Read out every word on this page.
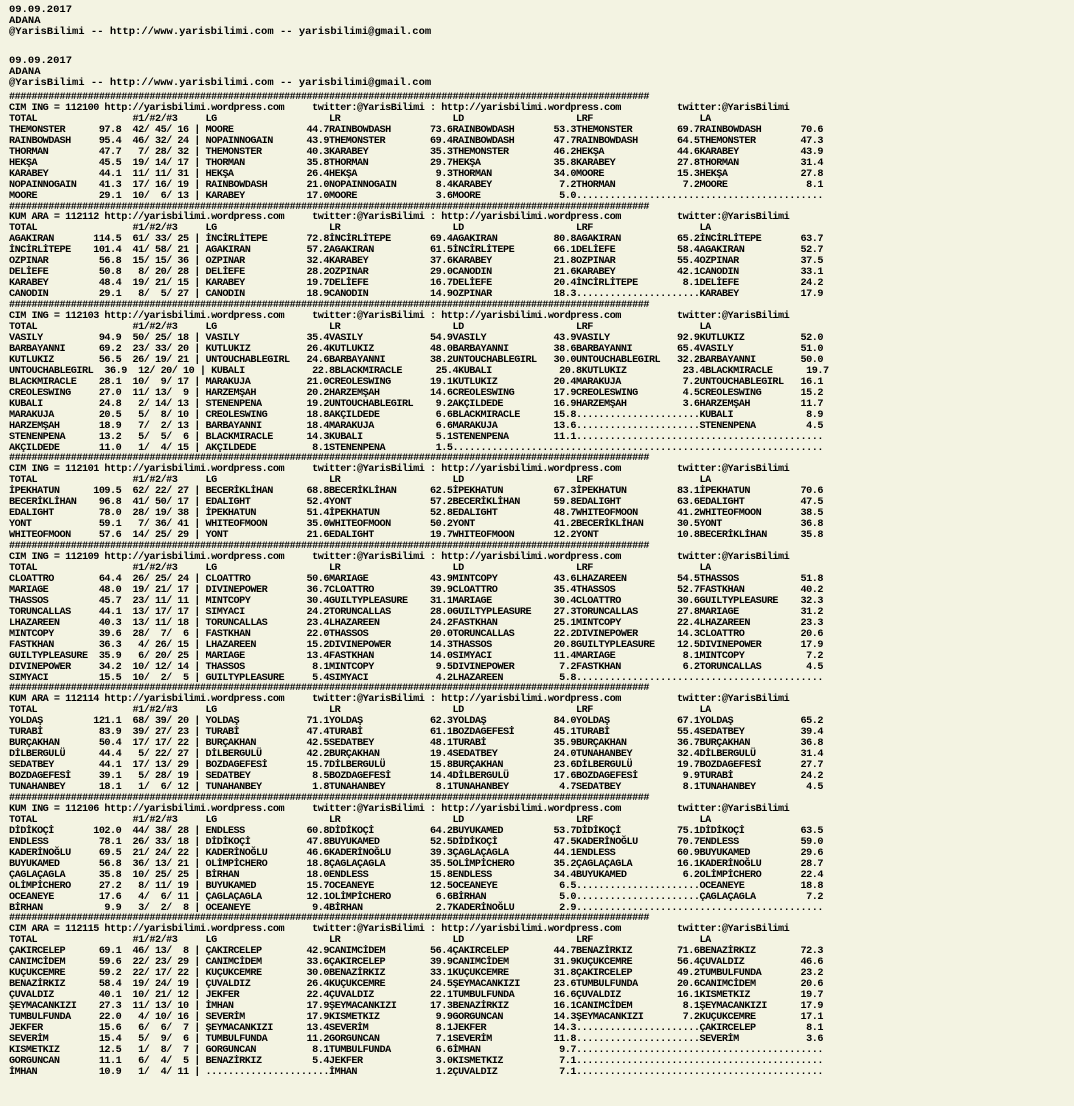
09.09.2017
ADANA
@YarisBilimi -- http://www.yarisbilimi.com -- yarisbilimi@gmail.com
09.09.2017
ADANA
@YarisBilimi -- http://www.yarisbilimi.com -- yarisbilimi@gmail.com
##################################################################################################################
CIM ING = 112100 http://yarisbilimi.wordpress.com     twitter:@YarisBilimi : http://yarisbilimi.wordpress.com          twitter:@YarisBilimi
TOTAL                 #1/#2/#3     LG                    LR                    LD                    LRF                   LA
THEMONSTER      97.8  42/ 45/ 16 | MOORE             44.7RAINBOWDASH       73.6RAINBOWDASH       53.3THEMONSTER        69.7RAINBOWDASH       70.6
RAINBOWDASH     95.4  46/ 32/ 24 | NOPAINNOGAIN      43.9THEMONSTER        69.4RAINBOWDASH       47.7RAINBOWDASH       64.5THEMONSTER        47.3
THORMAN         47.7   7/ 28/ 32 | THEMONSTER        40.3KARABEY           35.3THEMONSTER        46.2HEKŞA             44.6KARABEY           43.9
HEKŞA           45.5  19/ 14/ 17 | THORMAN           35.8THORMAN           29.7HEKŞA             35.8KARABEY           27.8THORMAN           31.4
KARABEY         44.1  11/ 11/ 31 | HEKŞA             26.4HEKŞA              9.3THORMAN           34.0MOORE             15.3HEKŞA             27.8
NOPAINNOGAIN    41.3  17/ 16/ 19 | RAINBOWDASH       21.0NOPAINNOGAIN       8.4KARABEY            7.2THORMAN            7.2MOORE              8.1
MOORE           29.1  10/  6/ 13 | KARABEY           17.0MOORE              3.6MOORE              5.0............................................
##################################################################################################################
KUM ARA = 112112 http://yarisbilimi.wordpress.com     twitter:@YarisBilimi : http://yarisbilimi.wordpress.com          twitter:@YarisBilimi
TOTAL                 #1/#2/#3     LG                    LR                    LD                    LRF                   LA
AGAKIRAN       114.5  61/ 33/ 25 | İNCİRLİTEPE       72.8İNCİRLİTEPE       69.4AGAKIRAN          80.8AGAKIRAN          65.2İNCİRLİTEPE       63.7
İNCİRLİTEPE    101.4  41/ 58/ 21 | AGAKIRAN          57.2AGAKIRAN          61.5İNCİRLİTEPE       66.1DELİEFE           58.4AGAKIRAN          52.7
OZPINAR         56.8  15/ 15/ 36 | OZPINAR           32.4KARABEY           37.6KARABEY           21.8OZPINAR           55.4OZPINAR           37.5
DELİEFE         50.8   8/ 20/ 28 | DELİEFE           28.2OZPINAR           29.0CANODIN           21.6KARABEY           42.1CANODIN           33.1
KARABEY         48.4  19/ 21/ 15 | KARABEY           19.7DELİEFE           16.7DELİEFE           20.4İNCİRLİTEPE        8.1DELİEFE           24.2
CANODIN         29.1   8/  5/ 27 | CANODIN           18.9CANODIN           14.9OZPINAR           18.3......................KARABEY           17.9
##################################################################################################################
CIM ING = 112103 http://yarisbilimi.wordpress.com     twitter:@YarisBilimi : http://yarisbilimi.wordpress.com          twitter:@YarisBilimi
TOTAL                 #1/#2/#3     LG                    LR                    LD                    LRF                   LA
VASILY          94.9  50/ 25/ 18 | VASILY            35.4VASILY            54.9VASILY            43.9VASILY            92.9KUTLUKIZ          52.0
BARBAYANNI      69.2  23/ 33/ 20 | KUTLUKIZ          26.4KUTLUKIZ          48.0BARBAYANNI        38.6BARBAYANNI        65.4VASILY            51.0
KUTLUKIZ        56.5  26/ 19/ 21 | UNTOUCHABLEGIRL   24.6BARBAYANNI        38.2UNTOUCHABLEGIRL   30.0UNTOUCHABLEGIRL   32.2BARBAYANNI        50.0
UNTOUCHABLEGIRL  36.9  12/ 20/ 10 | KUBALI            22.8BLACKMIRACLE      25.4KUBALI            20.8KUTLUKIZ          23.4BLACKMIRACLE      19.7
BLACKMIRACLE    28.1  10/  9/ 17 | MARAKUJA          21.0CREOLESWING       19.1KUTLUKIZ          20.4MARAKUJA           7.2UNTOUCHABLEGIRL   16.1
CREOLESWING     27.0  11/ 13/  9 | HARZEMŞAH         20.2HARZEMŞAH         14.6CREOLESWING       17.9CREOLESWING        4.5CREOLESWING       15.2
KUBALI          24.8   2/ 14/ 13 | STENENPENA        19.2UNTOUCHABLEGIRL    9.2AKÇILDEDE         16.9HARZEMŞAH          3.6HARZEMŞAH         11.7
MARAKUJA        20.5   5/  8/ 10 | CREOLESWING       18.8AKÇILDEDE          6.6BLACKMIRACLE      15.8......................KUBALI             8.9
HARZEMŞAH       18.9   7/  2/ 13 | BARBAYANNI        18.4MARAKUJA           6.6MARAKUJA          13.6......................STENENPENA         4.5
STENENPENA      13.2   5/  5/  6 | BLACKMIRACLE      14.3KUBALI             5.1STENENPENA        11.1............................................
AKÇILDEDE       11.0   1/  4/ 15 | AKÇILDEDE          8.1STENENPENA         1.5..................................................................
##################################################################################################################
CIM ING = 112101 http://yarisbilimi.wordpress.com     twitter:@YarisBilimi : http://yarisbilimi.wordpress.com          twitter:@YarisBilimi
TOTAL                 #1/#2/#3     LG                    LR                    LD                    LRF                   LA
İPEKHATUN      109.5  62/ 22/ 27 | BECERİKLİHAN      68.8BECERİKLİHAN      62.5İPEKHATUN         67.3İPEKHATUN         83.1İPEKHATUN         70.6
BECERİKLİHAN    96.8  41/ 50/ 17 | EDALIGHT          52.4YONT              57.2BECERİKLİHAN      59.8EDALIGHT          63.6EDALIGHT          47.5
EDALIGHT        78.0  28/ 19/ 38 | İPEKHATUN         51.4İPEKHATUN         52.8EDALIGHT          48.7WHITEOFMOON       41.2WHITEOFMOON       38.5
YONT            59.1   7/ 36/ 41 | WHITEOFMOON       35.0WHITEOFMOON       50.2YONT              41.2BECERİKLİHAN      30.5YONT              36.8
WHITEOFMOON     57.6  14/ 25/ 29 | YONT              21.6EDALIGHT          19.7WHITEOFMOON       12.2YONT              10.8BECERİKLİHAN      35.8
##################################################################################################################
CIM ING = 112109 http://yarisbilimi.wordpress.com     twitter:@YarisBilimi : http://yarisbilimi.wordpress.com          twitter:@YarisBilimi
TOTAL                 #1/#2/#3     LG                    LR                    LD                    LRF                   LA
CLOATTRO        64.4  26/ 25/ 24 | CLOATTRO          50.6MARIAGE           43.9MINTCOPY          43.6LHAZAREEN         54.5THASSOS           51.8
MARIAGE         48.0  19/ 21/ 17 | DIVINEPOWER       36.7CLOATTRO          39.9CLOATTRO          35.4THASSOS           52.7FASTKHAN          40.2
THASSOS         45.7  23/ 11/ 11 | MINTCOPY          30.4GUILTYPLEASURE    31.1MARIAGE           30.4CLOATTRO          30.6GUILTYPLEASURE    32.3
TORUNCALLAS     44.1  13/ 17/ 17 | SIMYACI           24.2TORUNCALLAS       28.0GUILTYPLEASURE    27.3TORUNCALLAS       27.8MARIAGE           31.2
LHAZAREEN       40.3  13/ 11/ 18 | TORUNCALLAS       23.4LHAZAREEN         24.2FASTKHAN          25.1MINTCOPY          22.4LHAZAREEN         23.3
MINTCOPY        39.6  28/  7/  6 | FASTKHAN          22.0THASSOS           20.0TORUNCALLAS       22.2DIVINEPOWER       14.3CLOATTRO          20.6
FASTKHAN        36.3   4/ 26/ 15 | LHAZAREEN         15.2DIVINEPOWER       14.3THASSOS           20.8GUILTYPLEASURE    12.5DIVINEPOWER       17.9
GUILTYPLEASURE  35.9   6/ 20/ 25 | MARIAGE           13.4FASTKHAN          14.0SIMYACI           11.4MARIAGE            8.1MINTCOPY           7.2
DIVINEPOWER     34.2  10/ 12/ 14 | THASSOS            8.1MINTCOPY           9.5DIVINEPOWER        7.2FASTKHAN           6.2TORUNCALLAS        4.5
SIMYACI         15.5  10/  2/  5 | GUILTYPLEASURE     5.4SIMYACI            4.2LHAZAREEN          5.8............................................
##################################################################################################################
KUM ARA = 112114 http://yarisbilimi.wordpress.com     twitter:@YarisBilimi : http://yarisbilimi.wordpress.com          twitter:@YarisBilimi
TOTAL                 #1/#2/#3     LG                    LR                    LD                    LRF                   LA
YOLDAŞ         121.1  68/ 39/ 20 | YOLDAŞ            71.1YOLDAŞ            62.3YOLDAŞ            84.0YOLDAŞ            67.1YOLDAŞ            65.2
TURABİ          83.9  39/ 27/ 23 | TURABİ            47.4TURABİ            61.1BOZDAGEFESİ       45.1TURABİ            55.4SEDATBEY          39.4
BURÇAKHAN       50.4  17/ 17/ 22 | BURÇAKHAN         42.5SEDATBEY          48.1TURABİ            35.9BURÇAKHAN         36.7BURÇAKHAN         36.8
DİLBERGULÜ      44.4   5/ 22/ 27 | DİLBERGULÜ        42.2BURÇAKHAN         19.4SEDATBEY          24.0TUNAHANBEY        32.4DİLBERGULÜ        31.4
SEDATBEY        44.1  17/ 13/ 29 | BOZDAGEFESİ       15.7DİLBERGULÜ        15.8BURÇAKHAN         23.6DİLBERGULÜ        19.7BOZDAGEFESİ       27.7
BOZDAGEFESİ     39.1   5/ 28/ 19 | SEDATBEY           8.5BOZDAGEFESİ       14.4DİLBERGULÜ        17.6BOZDAGEFESİ        9.9TURABİ            24.2
TUNAHANBEY      18.1   1/  6/ 12 | TUNAHANBEY         1.8TUNAHANBEY         8.1TUNAHANBEY         4.7SEDATBEY           8.1TUNAHANBEY         4.5
##################################################################################################################
KUM ING = 112106 http://yarisbilimi.wordpress.com     twitter:@YarisBilimi : http://yarisbilimi.wordpress.com          twitter:@YarisBilimi
TOTAL                 #1/#2/#3     LG                    LR                    LD                    LRF                   LA
DİDİKOÇİ       102.0  44/ 38/ 28 | ENDLESS           60.8DİDİKOÇİ          64.2BUYUKAMED         53.7DİDİKOÇİ          75.1DİDİKOÇİ          63.5
ENDLESS         78.1  26/ 33/ 18 | DİDİKOÇİ          47.8BUYUKAMED         52.5DİDİKOÇİ          47.5KADERİNOĞLU       70.7ENDLESS           59.0
KADERİNOĞLU     69.5  21/ 24/ 22 | KADERİNOĞLU       46.6KADERİNOĞLU       39.3ÇAGLAÇAGLA        44.1ENDLESS           60.9BUYUKAMED         29.6
BUYUKAMED       56.8  36/ 13/ 21 | OLİMPİCHERO       18.8ÇAGLAÇAGLA        35.5OLİMPİCHERO       35.2ÇAGLAÇAGLA        16.1KADERİNOĞLU       28.7
ÇAGLAÇAGLA      35.8  10/ 25/ 25 | BİRHAN            18.0ENDLESS           15.8ENDLESS           34.4BUYUKAMED          6.2OLİMPİCHERO       22.4
OLİMPİCHERO     27.2   8/ 11/ 19 | BUYUKAMED         15.7OCEANEYE          12.5OCEANEYE           6.5......................OCEANEYE          18.8
OCEANEYE        17.6   4/  6/ 11 | ÇAGLAÇAGLA        12.1OLİMPİCHERO        6.6BİRHAN             5.0......................ÇAGLAÇAGLA         7.2
BİRHAN           9.9   3/  2/  8 | OCEANEYE           9.4BİRHAN             2.7KADERİNOĞLU        2.9............................................
##################################################################################################################
CIM ARA = 112115 http://yarisbilimi.wordpress.com     twitter:@YarisBilimi : http://yarisbilimi.wordpress.com          twitter:@YarisBilimi
TOTAL                 #1/#2/#3     LG                    LR                    LD                    LRF                   LA
ÇAKIRCELEP      69.1  46/ 13/  8 | ÇAKIRCELEP        42.9CANIMCİDEM        56.4ÇAKIRCELEP        44.7BENAZİRKIZ        71.6BENAZİRKIZ        72.3
CANIMCİDEM      59.6  22/ 23/ 29 | CANIMCİDEM        33.6ÇAKIRCELEP        39.9CANIMCİDEM        31.9KUÇUKCEMRE        56.4ÇUVALDIZ          46.6
KUÇUKCEMRE      59.2  22/ 17/ 22 | KUÇUKCEMRE        30.0BENAZİRKIZ        33.1KUÇUKCEMRE        31.8ÇAKIRCELEP        49.2TUMBULFUNDA       23.2
BENAZİRKIZ      58.4  19/ 24/ 19 | ÇUVALDIZ          26.4KUÇUKCEMRE        24.5ŞEYMACANKIZI      23.6TUMBULFUNDA       20.6CANIMCİDEM        20.6
ÇUVALDIZ        40.1  10/ 21/ 12 | JEKFER            22.4ÇUVALDIZ          22.1TUMBULFUNDA       16.6ÇUVALDIZ          16.1KISMETKIZ         19.7
ŞEYMACANKIZI    27.3  11/ 13/ 10 | İMHAN             17.9ŞEYMACANKIZI      17.3BENAZİRKIZ        16.1CANIMCİDEM         8.1ŞEYMACANKIZI      17.9
TUMBULFUNDA     22.0   4/ 10/ 16 | SEVERİM           17.9KISMETKIZ          9.9GORGUNCAN         14.3ŞEYMACANKIZI       7.2KUÇUKCEMRE        17.1
JEKFER          15.6   6/  6/  7 | ŞEYMACANKIZI      13.4SEVERİM            8.1JEKFER            14.3......................ÇAKIRCELEP         8.1
SEVERİM         15.4   5/  9/  6 | TUMBULFUNDA       11.2GORGUNCAN          7.1SEVERİM           11.8......................SEVERİM            3.6
KISMETKIZ       12.5   1/  8/  7 | GORGUNCAN          8.1TUMBULFUNDA        6.6İMHAN              9.7............................................
GORGUNCAN       11.1   6/  4/  5 | BENAZİRKIZ         5.4JEKFER             3.0KISMETKIZ          7.1............................................
İMHAN           10.9   1/  4/ 11 | ......................İMHAN              1.2ÇUVALDIZ           7.1............................................
